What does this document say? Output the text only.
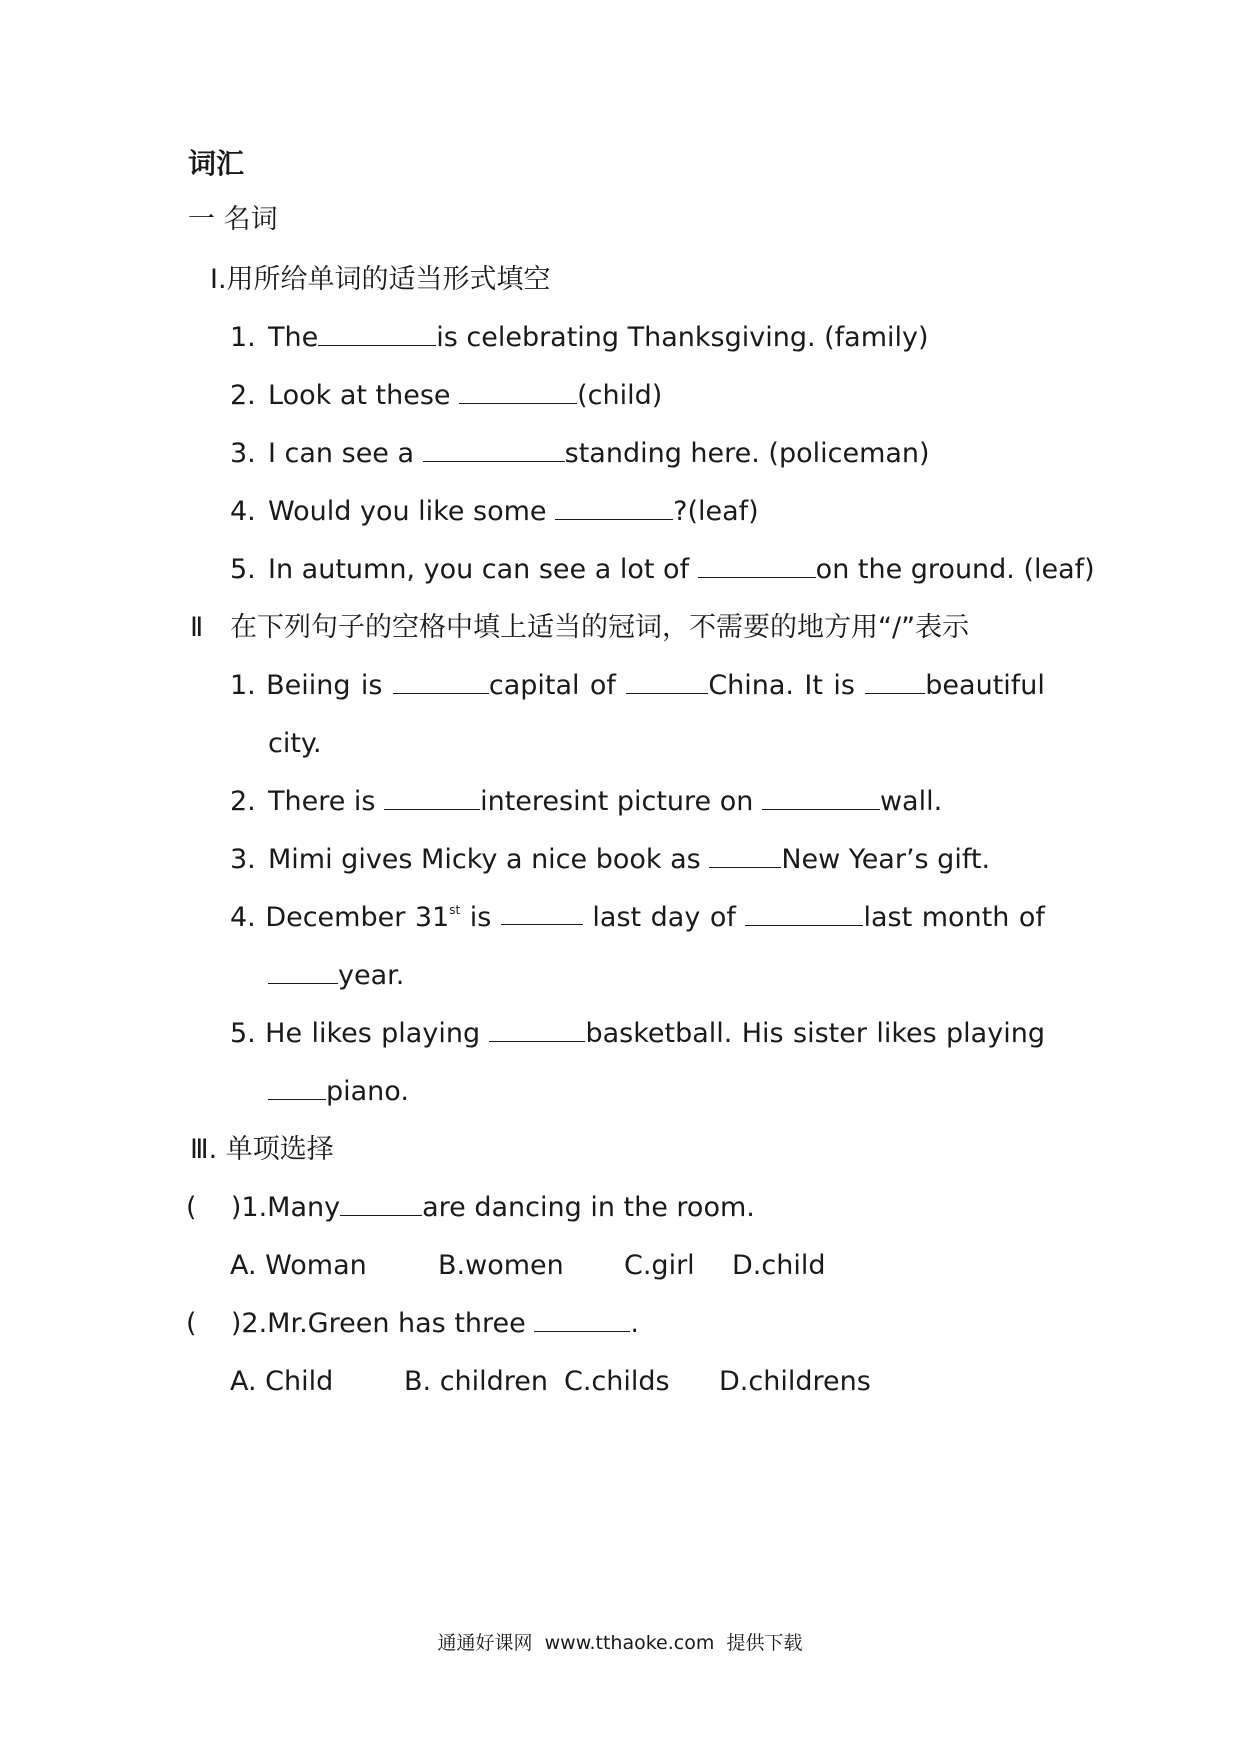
词汇
一 名词
Ⅰ.用所给单词的适当形式填空
1. The	is celebrating Thanksgiving. (family)
2. Look at these	(child)
3. I can see a	standing here. (policeman)
4. Would you like some	?(leaf)
5. In autumn, you can see a lot of	on the ground. (leaf)
Ⅱ 在下列句子的空格中填上适当的冠词，不需要的地方用“/”表示
1. Beiing is	capital of	China. It is	beautiful
city.
2. There is	interesint picture on	wall.
3. Mimi gives Micky a nice book as	New Year’s gift.
4. December 31st is	last day of	last month of
year.
5. He likes playing	basketball. His sister likes playing
piano.
Ⅲ. 单项选择
(    )1.Many	are dancing in the room.
A. Woman	B.women C.girl D.child
(    )2.Mr.Green has three	.
A. Child	B. children C.childs D.childrens
通通好课网  www.tthaoke.com  提供下载
